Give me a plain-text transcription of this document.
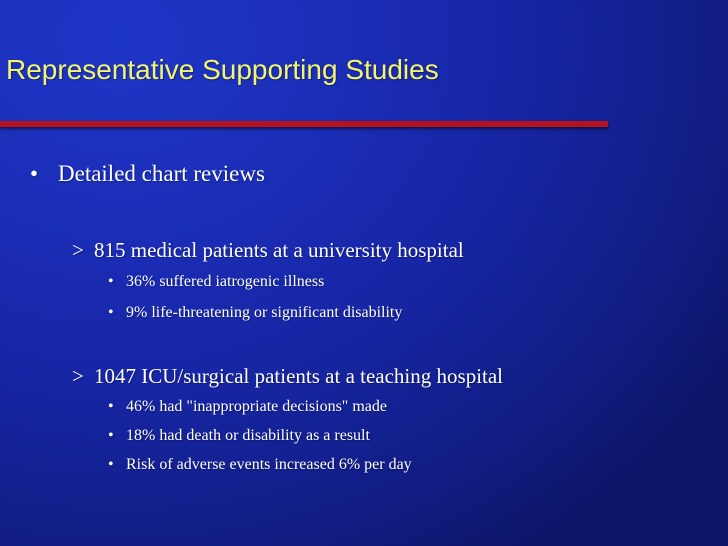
Representative Supporting Studies
• Detailed chart reviews
> 815 medical patients at a university hospital
• 36% suffered iatrogenic illness
• 9% life-threatening or significant disability
> 1047 ICU/surgical patients at a teaching hospital
• 46% had "inappropriate decisions" made
• 18% had death or disability as a result
• Risk of adverse events increased 6% per day
